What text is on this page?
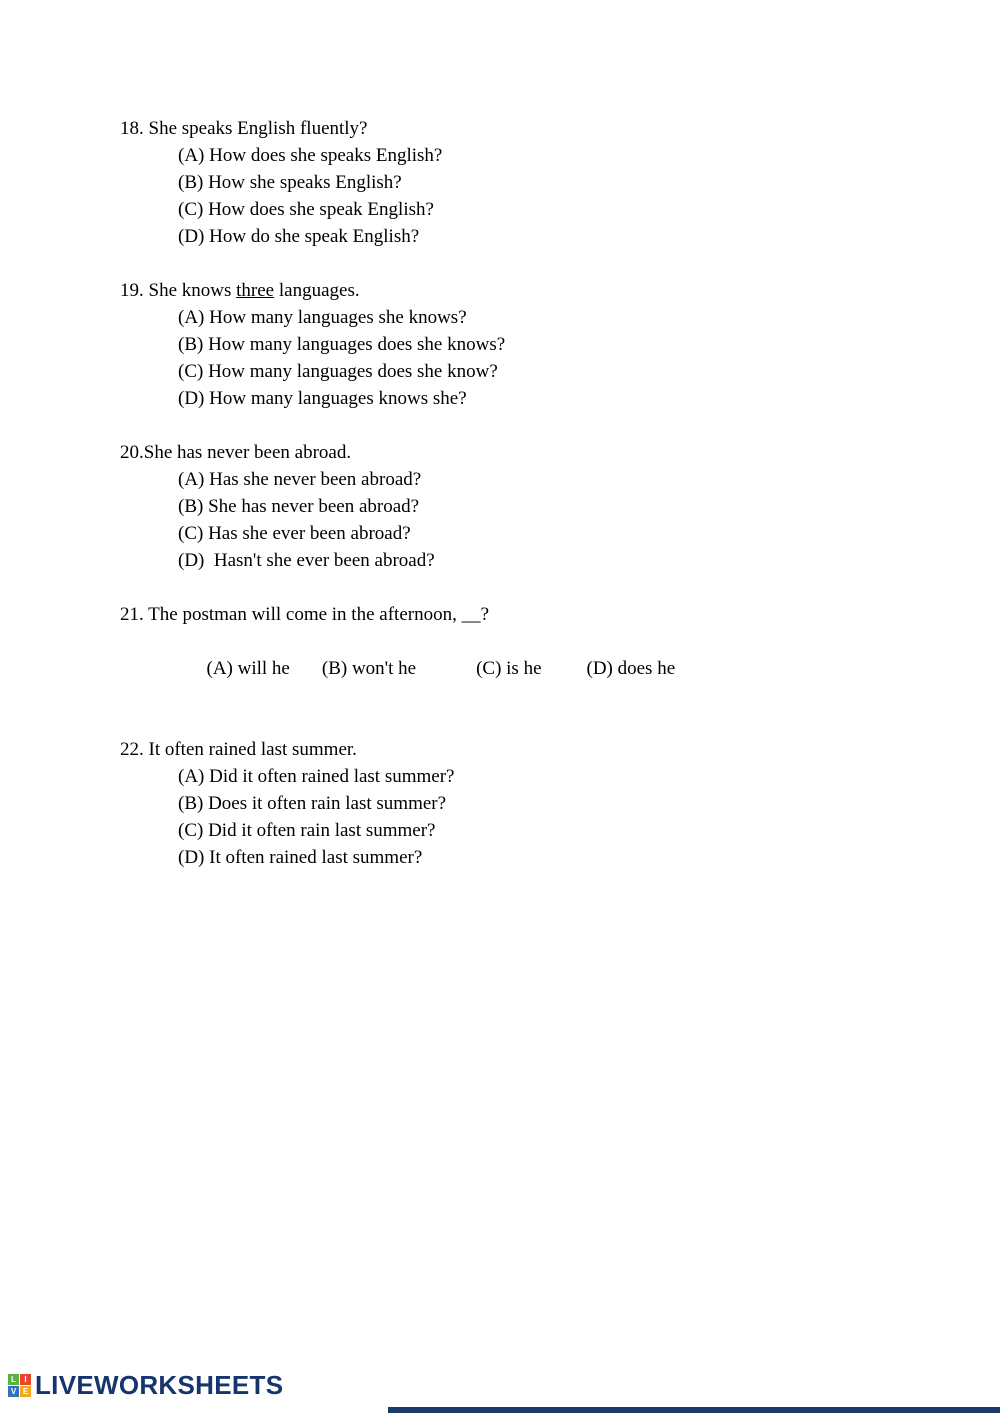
18. She speaks English fluently?
(A) How does she speaks English?
(B) How she speaks English?
(C) How does she speak English?
(D) How do she speak English?
19. She knows three languages.
(A) How many languages she knows?
(B) How many languages does she knows?
(C) How many languages does she know?
(D) How many languages knows she?
20.She has never been abroad.
(A) Has she never been abroad?
(B) She has never been abroad?
(C) Has she ever been abroad?
(D)  Hasn't she ever been abroad?
21. The postman will come in the afternoon, __?

(A) will he (B) won't he	(C) is he (D) does he

22. It often rained last summer.
(A) Did it often rained last summer?
(B) Does it often rain last summer?
(C) Did it often rain last summer?
(D) It often rained last summer?
L	I
V E LIVEWORKSHEETS
